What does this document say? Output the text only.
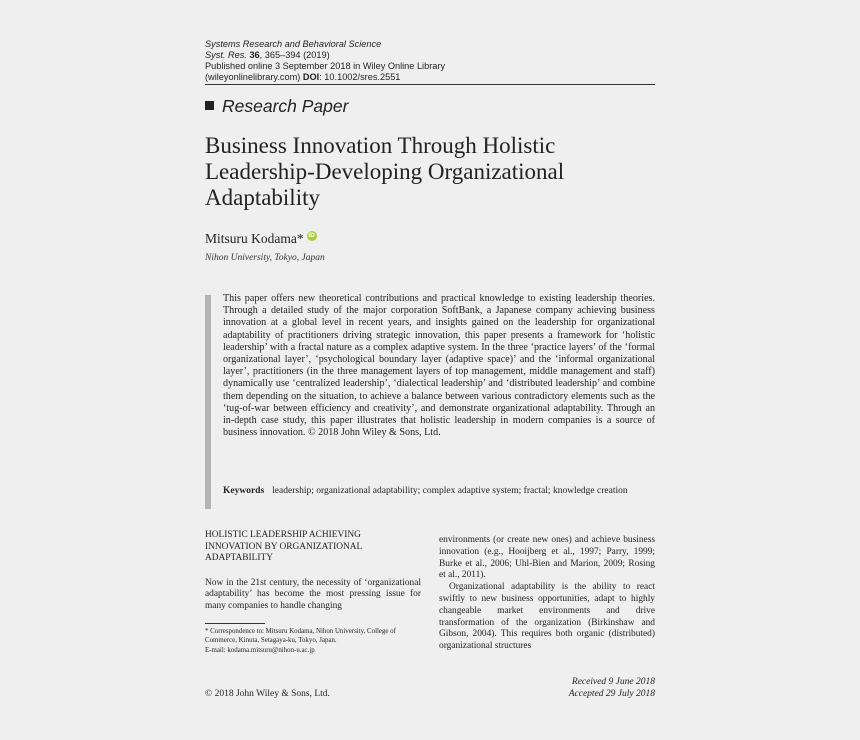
Systems Research and Behavioral Science
Syst. Res. 36, 365–394 (2019)
Published online 3 September 2018 in Wiley Online Library
(wileyonlinelibrary.com) DOI: 10.1002/sres.2551
Research Paper
Business Innovation Through Holistic
Leadership-Developing Organizational
Adaptability
Mitsuru Kodama* iD
Nihon University, Tokyo, Japan
This paper offers new theoretical contributions and practical knowledge to existing leadership theories. Through a detailed study of the major corporation SoftBank, a Japanese company achieving business innovation at a global level in recent years, and insights gained on the leadership for organizational adaptability of practitioners driving strategic innovation, this paper presents a framework for ‘holistic leadership’ with a fractal nature as a complex adaptive system. In the three ‘practice layers’ of the ‘formal organizational layer’, ‘psychological boundary layer (adaptive space)’ and the ‘informal organizational layer’, practitioners (in the three management layers of top management, middle management and staff) dynamically use ‘centralized leadership’, ‘dialectical leadership’ and ‘distributed leadership’ and combine them depending on the situation, to achieve a balance between various contradictory elements such as the ‘tug-of-war between efficiency and creativity’, and demonstrate organizational adaptability. Through an in-depth case study, this paper illustrates that holistic leadership in modern companies is a source of business innovation. © 2018 John Wiley & Sons, Ltd.
Keywords leadership; organizational adaptability; complex adaptive system; fractal; knowledge creation
HOLISTIC LEADERSHIP ACHIEVING
INNOVATION BY ORGANIZATIONAL
ADAPTABILITY

Now in the 21st century, the necessity of ‘organizational adaptability’ has become the most pressing issue for many companies to handle changing

* Correspondence to: Mitsuru Kodama, Nihon University, College of
Commerce, Kinuta, Setagaya-ku, Tokyo, Japan.
E-mail: kodama.mitsuru@nihon-u.ac.jp

environments (or create new ones) and achieve business innovation (e.g., Hooijberg et al., 1997; Parry, 1999; Burke et al., 2006; Uhl-Bien and Marion, 2009; Rosing et al., 2011).

Organizational adaptability is the ability to react swiftly to new business opportunities, adapt to highly changeable market environments and drive transformation of the organization (Birkinshaw and Gibson, 2004). This requires both organic (distributed) organizational structures

© 2018 John Wiley & Sons, Ltd.
Received 9 June 2018
Accepted 29 July 2018
